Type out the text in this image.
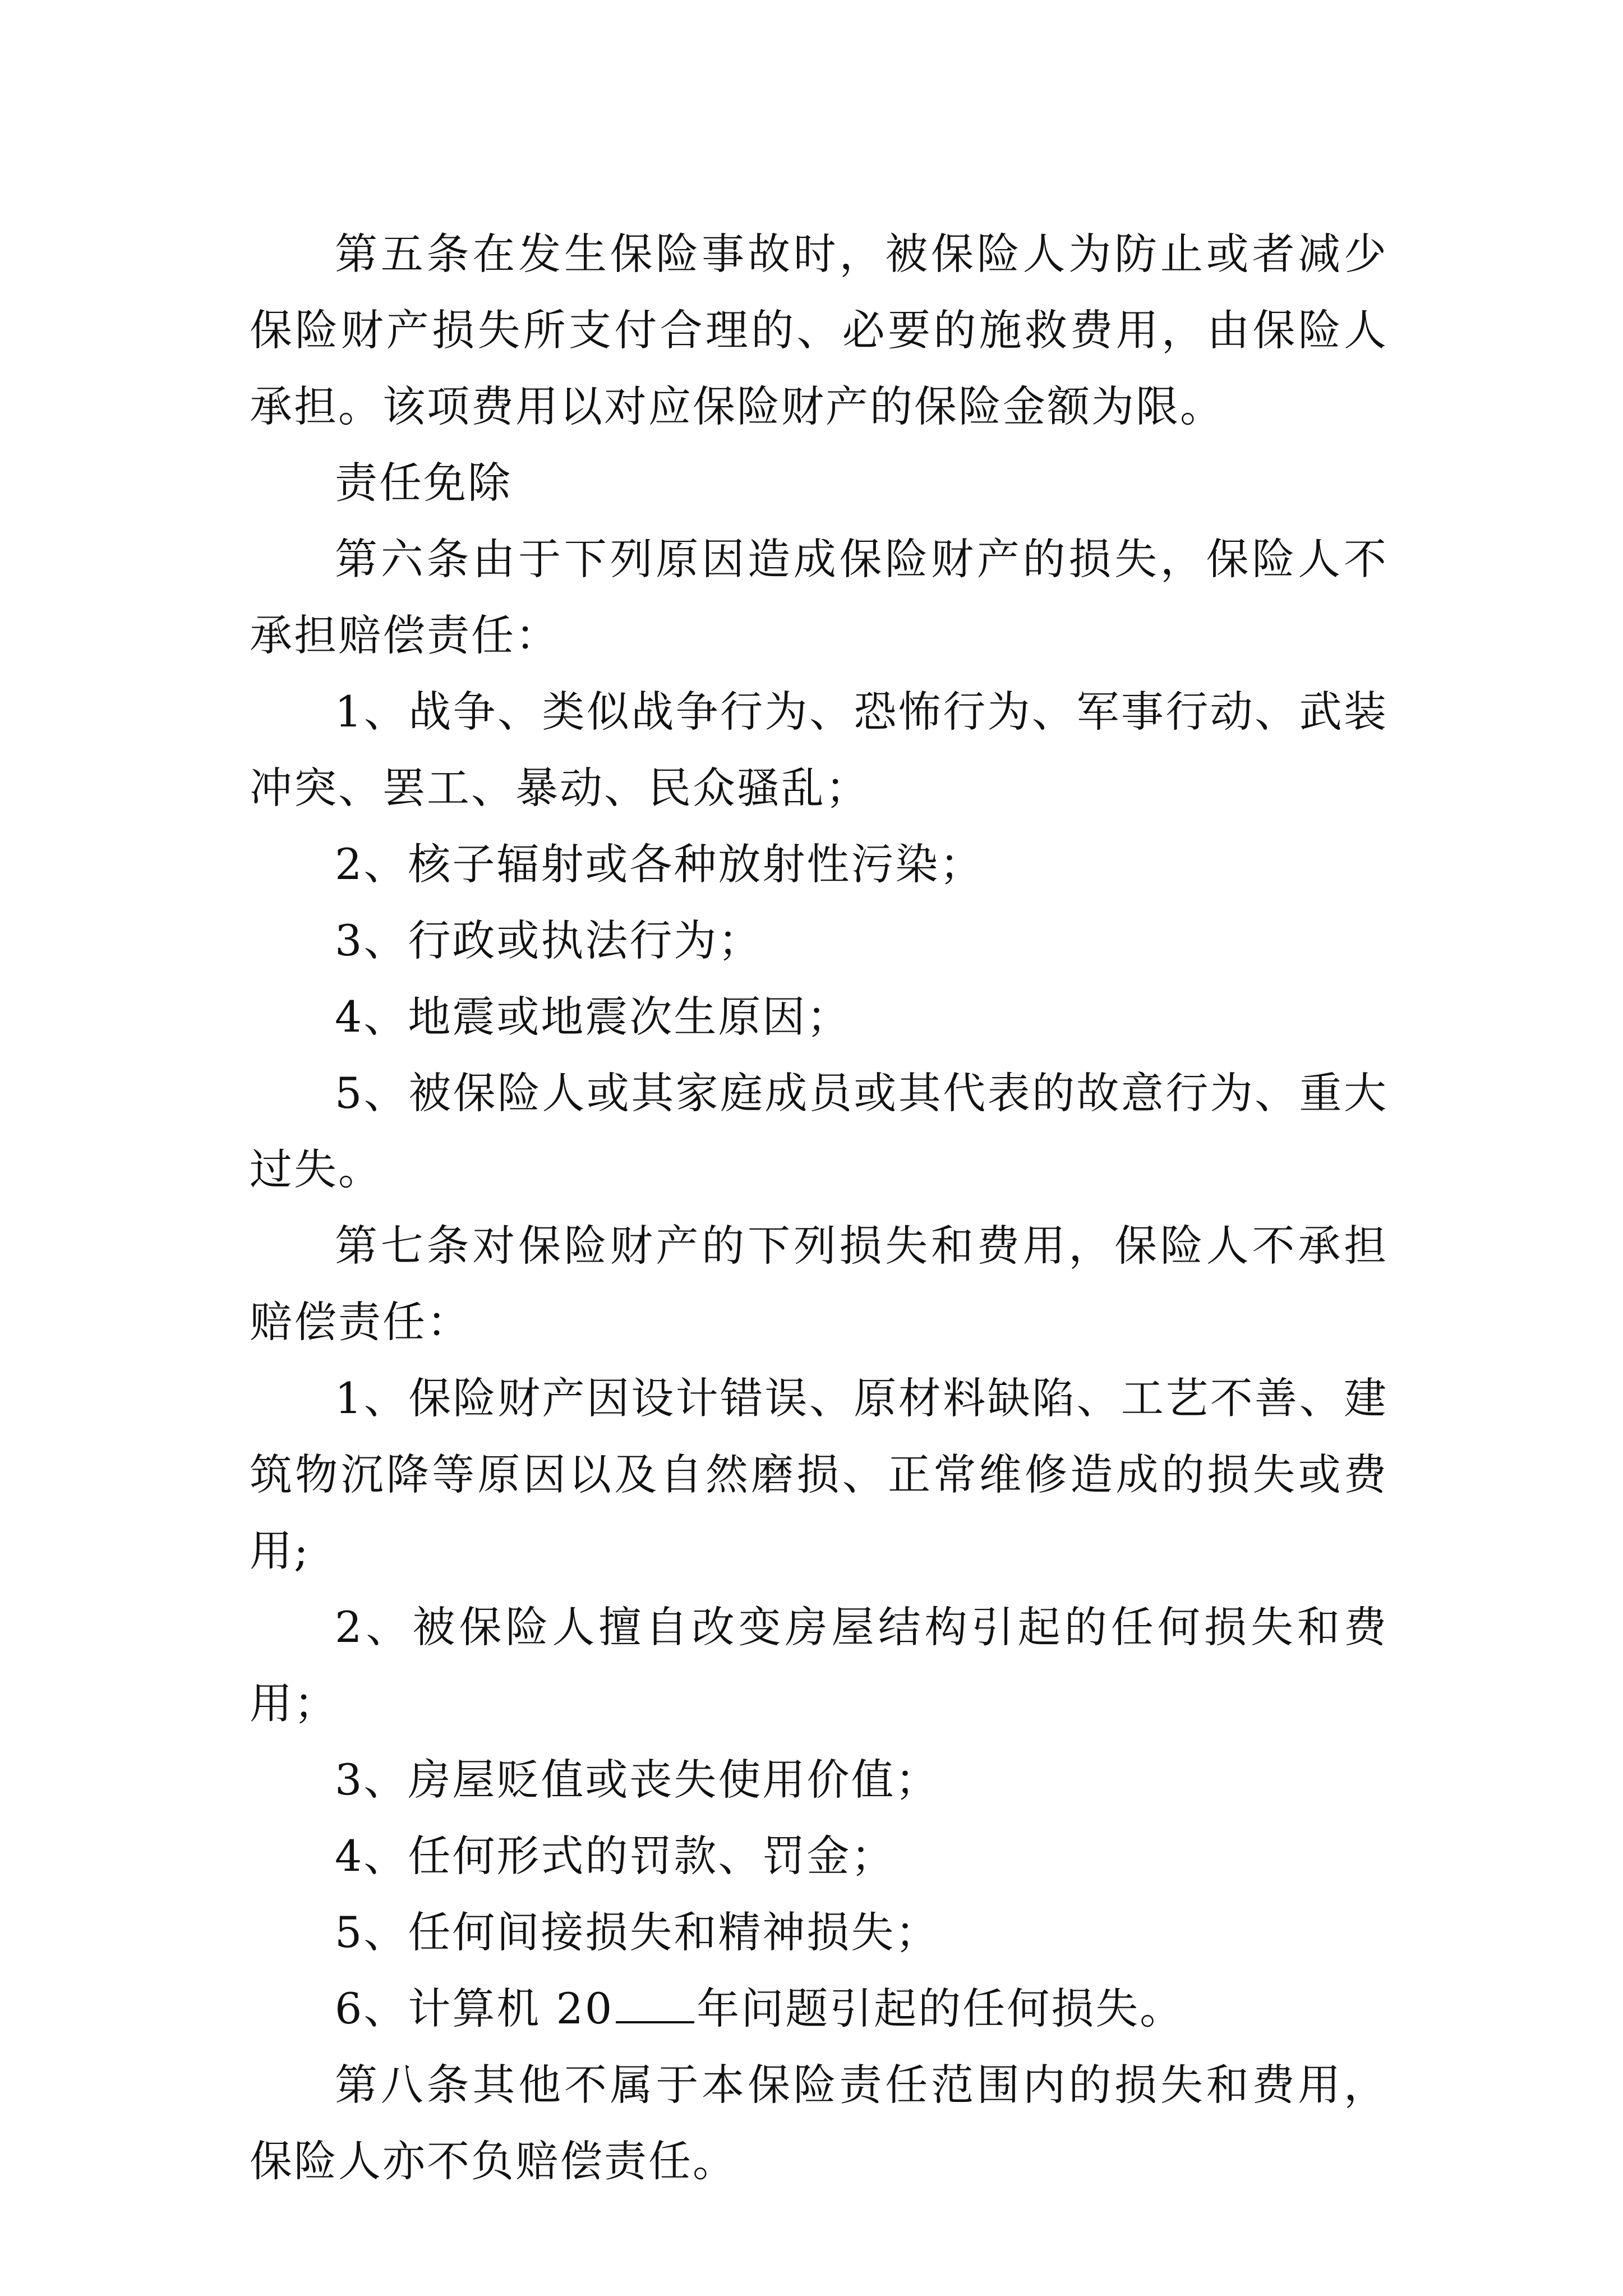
第五条在发生保险事故时，被保险人为防止或者减少保险财产损失所支付合理的、必要的施救费用，由保险人承担。该项费用以对应保险财产的保险金额为限。

责任免除

第六条由于下列原因造成保险财产的损失，保险人不承担赔偿责任：

1、战争、类似战争行为、恐怖行为、军事行动、武装冲突、罢工、暴动、民众骚乱；

2、核子辐射或各种放射性污染；

3、行政或执法行为；

4、地震或地震次生原因；

5、被保险人或其家庭成员或其代表的故意行为、重大过失。

第七条对保险财产的下列损失和费用，保险人不承担赔偿责任：

1、保险财产因设计错误、原材料缺陷、工艺不善、建筑物沉降等原因以及自然磨损、正常维修造成的损失或费用;

2、被保险人擅自改变房屋结构引起的任何损失和费用；

3、房屋贬值或丧失使用价值；

4、任何形式的罚款、罚金；

5、任何间接损失和精神损失；

6、计算机 20 年问题引起的任何损失。

第八条其他不属于本保险责任范围内的损失和费用，保险人亦不负赔偿责任。
